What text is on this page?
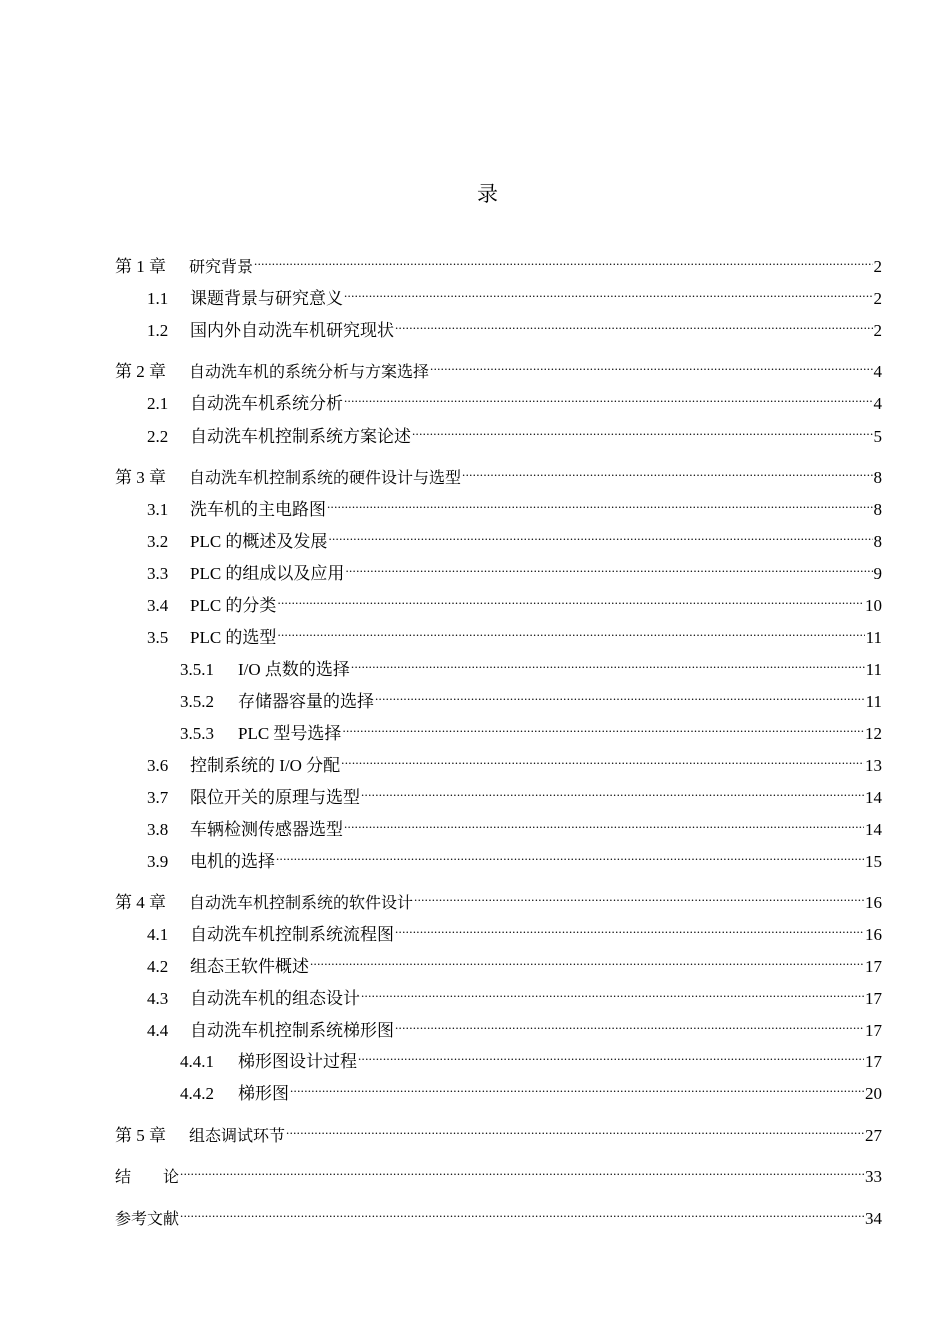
录
第 1 章	研究背景 .....	2
1.1	课题背景与研究意义 .....	2
1.2	国内外自动洗车机研究现状 .....	2
第 2 章	自动洗车机的系统分析与方案选择 .....	4
2.1	自动洗车机系统分析 .....	4
2.2	自动洗车机控制系统方案论述 .....	5
第 3 章	自动洗车机控制系统的硬件设计与选型 .....	8
3.1	洗车机的主电路图 .....	8
3.2	PLC 的概述及发展 .....	8
3.3	PLC 的组成以及应用 .....	9
3.4	PLC 的分类 .....	10
3.5	PLC 的选型 .....	11
3.5.1	I/O 点数的选择 .....	11
3.5.2	存储器容量的选择 .....	11
3.5.3	PLC 型号选择 .....	12
3.6	控制系统的 I/O 分配 .....	13
3.7	限位开关的原理与选型 .....	14
3.8	车辆检测传感器选型 .....	14
3.9	电机的选择 .....	15
第 4 章	自动洗车机控制系统的软件设计 .....	16
4.1	自动洗车机控制系统流程图 .....	16
4.2	组态王软件概述 .....	17
4.3	自动洗车机的组态设计 .....	17
4.4	自动洗车机控制系统梯形图 .....	17
4.4.1	梯形图设计过程 .....	17
4.4.2	梯形图 .....	20
第 5 章	组态调试环节 .....	27
结　　论 .....	33
参考文献 .....	34
